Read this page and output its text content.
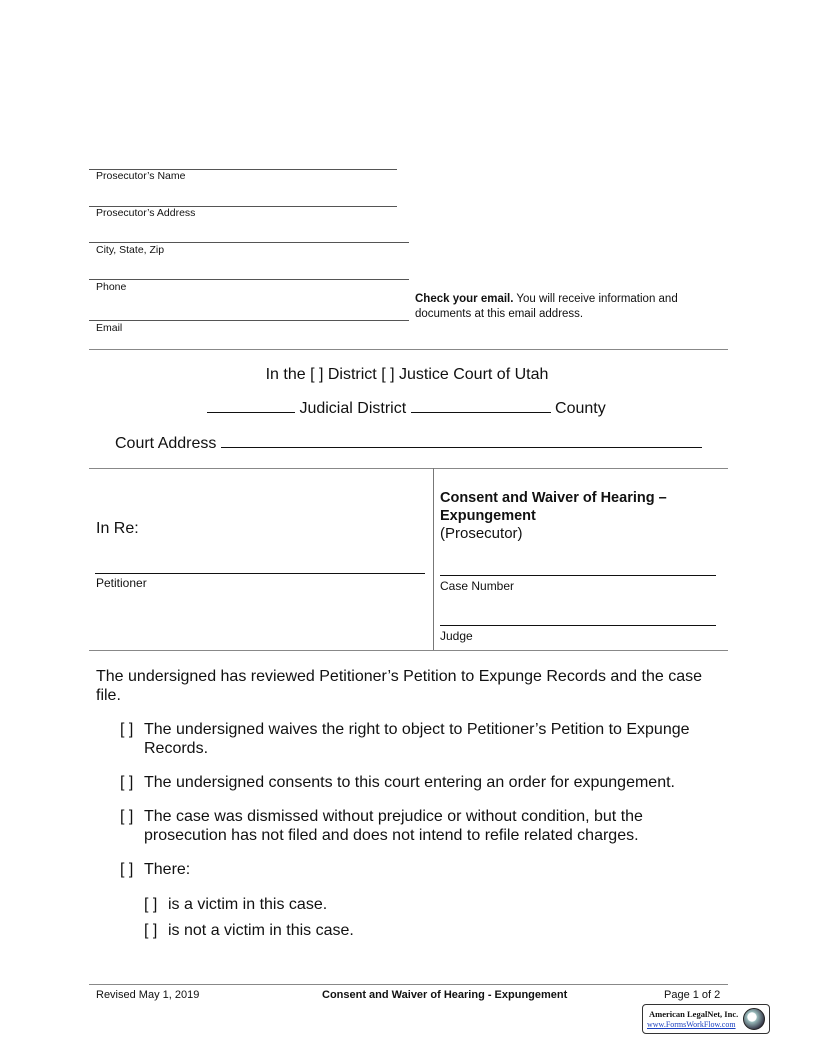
Prosecutor’s Name
Prosecutor’s Address
City, State, Zip
Phone
Email
Check your email. You will receive information and documents at this email address.
In the [ ] District [ ] Justice Court of Utah
Judicial District	County
Court Address
In Re:
Petitioner
Consent and Waiver of Hearing – Expungement
(Prosecutor)
Case Number
Judge
The undersigned has reviewed Petitioner’s Petition to Expunge Records and the case file.
[ ] The undersigned waives the right to object to Petitioner’s Petition to Expunge Records.
[ ] The undersigned consents to this court entering an order for expungement.
[ ] The case was dismissed without prejudice or without condition, but the prosecution has not filed and does not intend to refile related charges.
[ ] There:
[ ] is a victim in this case.
[ ] is not a victim in this case.
Revised May 1, 2019	Consent and Waiver of Hearing - Expungement	Page 1 of 2
American LegalNet, Inc.
www.FormsWorkFlow.com
